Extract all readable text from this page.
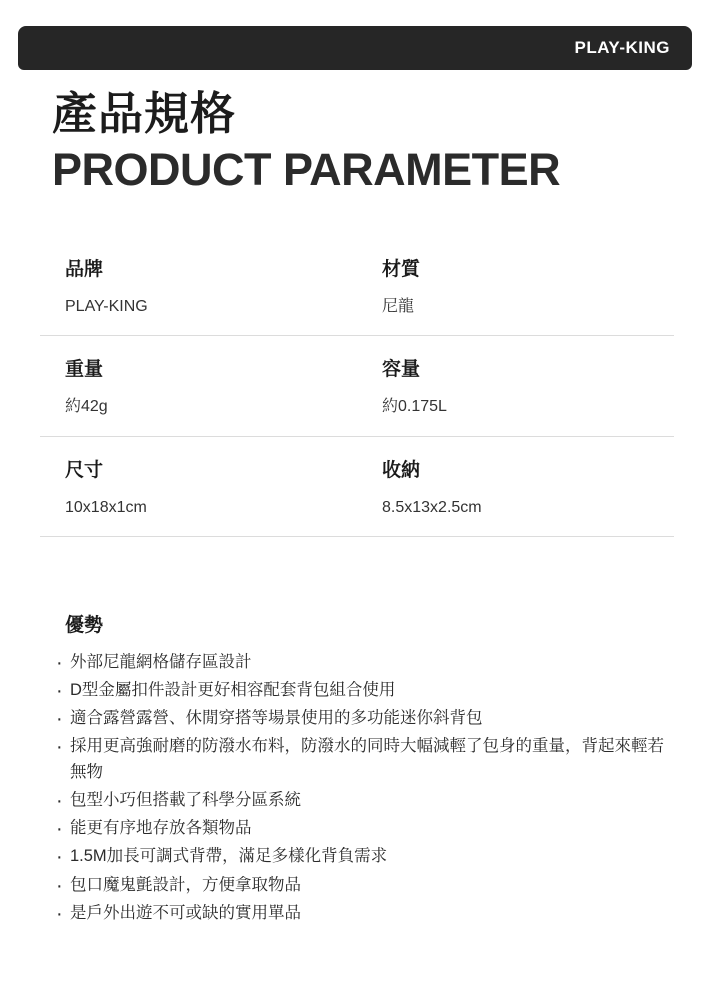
PLAY-KING
產品規格
PRODUCT PARAMETER
品牌
PLAY-KING
材質
尼龍
重量
約42g
容量
約0.175L
尺寸
10x18x1cm
收納
8.5x13x2.5cm
優勢
· 外部尼龍網格儲存區設計
· D型金屬扣件設計更好相容配套背包組合使用
· 適合露營露營、休閒穿搭等場景使用的多功能迷你斜背包
· 採用更高強耐磨的防潑水布料，防潑水的同時大幅減輕了包身的重量，背起來輕若無物
· 包型小巧但搭載了科學分區系統
· 能更有序地存放各類物品
· 1.5M加長可調式背帶，滿足多樣化背負需求
· 包口魔鬼氈設計，方便拿取物品
· 是戶外出遊不可或缺的實用單品
